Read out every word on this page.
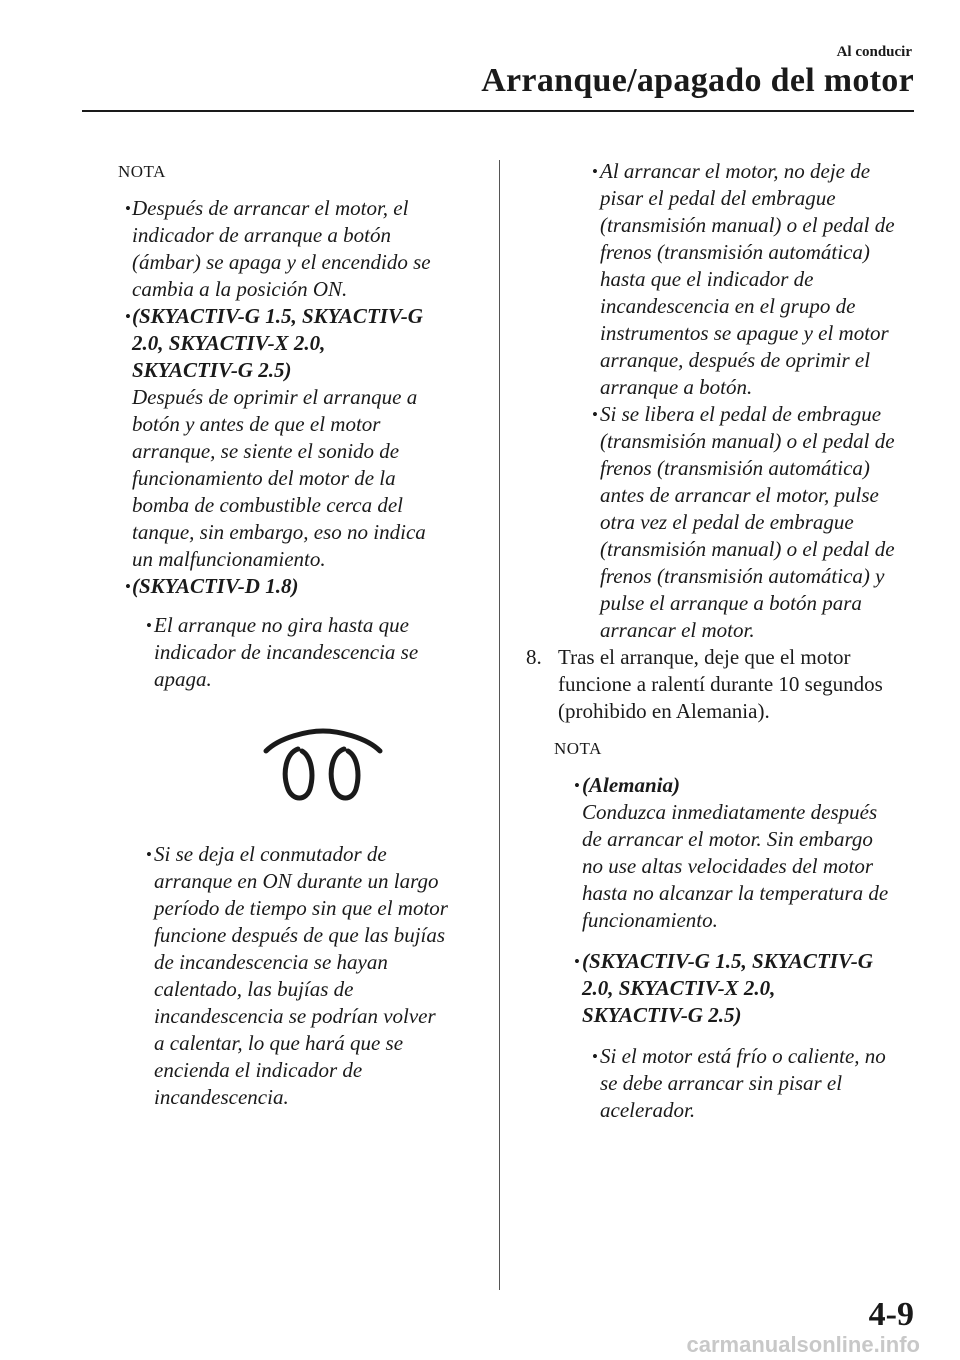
Al conducir
Arranque/apagado del motor
NOTA
• Después de arrancar el motor, el
indicador de arranque a botón
(ámbar) se apaga y el encendido se
cambia a la posición ON.
• (SKYACTIV-G 1.5, SKYACTIV-G
2.0, SKYACTIV-X 2.0,
SKYACTIV-G 2.5)
Después de oprimir el arranque a
botón y antes de que el motor
arranque, se siente el sonido de
funcionamiento del motor de la
bomba de combustible cerca del
tanque, sin embargo, eso no indica
un malfuncionamiento.
• (SKYACTIV-D 1.8)
• El arranque no gira hasta que
indicador de incandescencia se
apaga.
• Si se deja el conmutador de
arranque en ON durante un largo
período de tiempo sin que el motor
funcione después de que las bujías
de incandescencia se hayan
calentado, las bujías de
incandescencia se podrían volver
a calentar, lo que hará que se
encienda el indicador de
incandescencia.
• Al arrancar el motor, no deje de
pisar el pedal del embrague
(transmisión manual) o el pedal de
frenos (transmisión automática)
hasta que el indicador de
incandescencia en el grupo de
instrumentos se apague y el motor
arranque, después de oprimir el
arranque a botón.
• Si se libera el pedal de embrague
(transmisión manual) o el pedal de
frenos (transmisión automática)
antes de arrancar el motor, pulse
otra vez el pedal de embrague
(transmisión manual) o el pedal de
frenos (transmisión automática) y
pulse el arranque a botón para
arrancar el motor.
8. Tras el arranque, deje que el motor
funcione a ralentí durante 10 segundos
(prohibido en Alemania).
NOTA
• (Alemania)
Conduzca inmediatamente después
de arrancar el motor. Sin embargo
no use altas velocidades del motor
hasta no alcanzar la temperatura de
funcionamiento.
• (SKYACTIV-G 1.5, SKYACTIV-G
2.0, SKYACTIV-X 2.0,
SKYACTIV-G 2.5)
• Si el motor está frío o caliente, no
se debe arrancar sin pisar el
acelerador.
4-9
carmanualsonline.info
